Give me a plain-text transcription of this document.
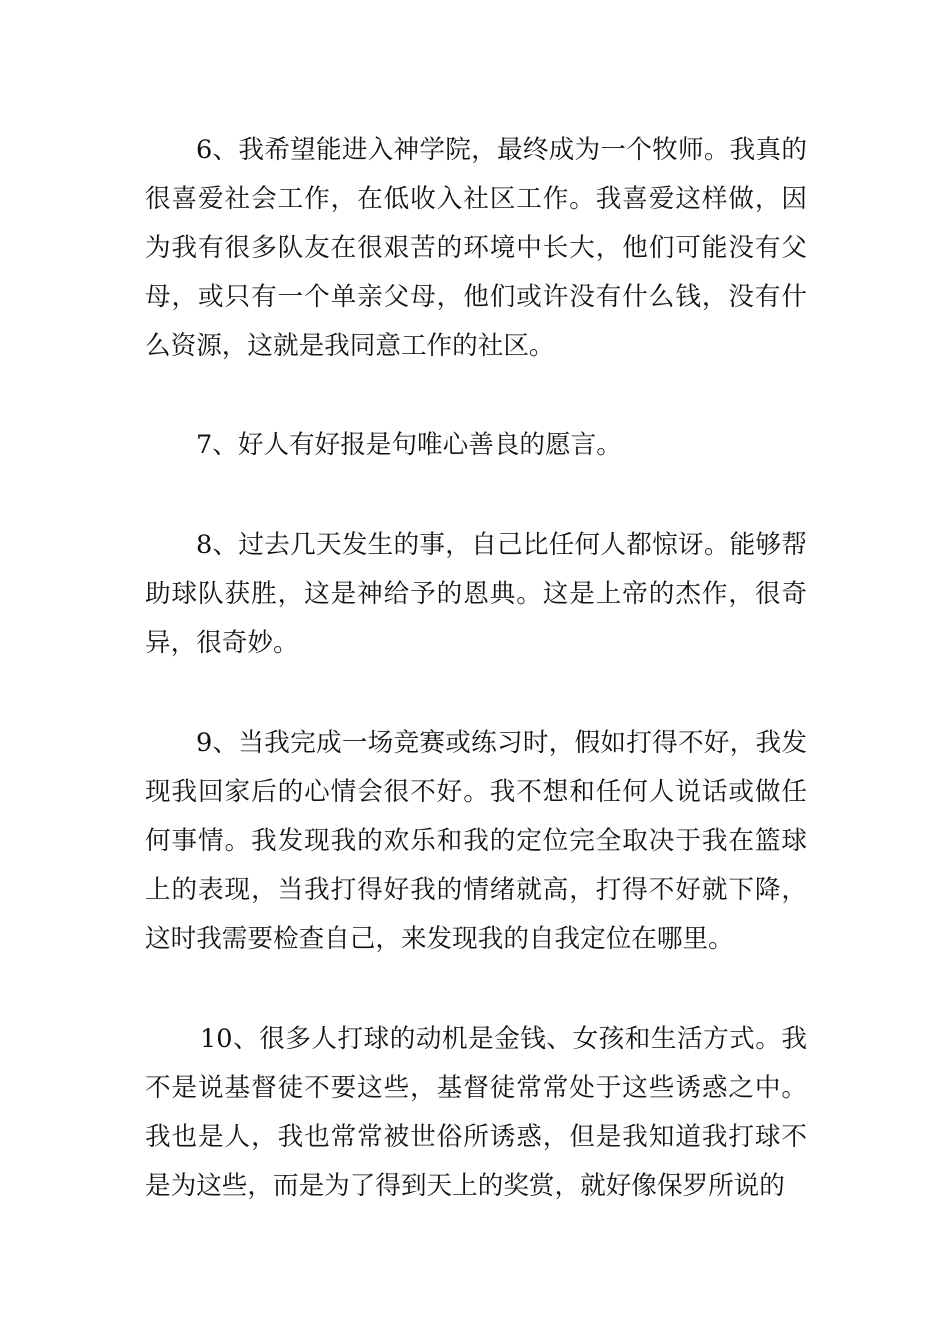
6、我希望能进入神学院，最终成为一个牧师。我真的很喜爱社会工作，在低收入社区工作。我喜爱这样做，因为我有很多队友在很艰苦的环境中长大，他们可能没有父母，或只有一个单亲父母，他们或许没有什么钱，没有什么资源，这就是我同意工作的社区。

7、好人有好报是句唯心善良的愿言。

8、过去几天发生的事，自己比任何人都惊讶。能够帮助球队获胜，这是神给予的恩典。这是上帝的杰作，很奇异，很奇妙。

9、当我完成一场竞赛或练习时，假如打得不好，我发现我回家后的心情会很不好。我不想和任何人说话或做任何事情。我发现我的欢乐和我的定位完全取决于我在篮球上的表现，当我打得好我的情绪就高，打得不好就下降，这时我需要检查自己，来发现我的自我定位在哪里。

10、很多人打球的动机是金钱、女孩和生活方式。我不是说基督徒不要这些，基督徒常常处于这些诱惑之中。我也是人，我也常常被世俗所诱惑，但是我知道我打球不是为这些，而是为了得到天上的奖赏，就好像保罗所说的
